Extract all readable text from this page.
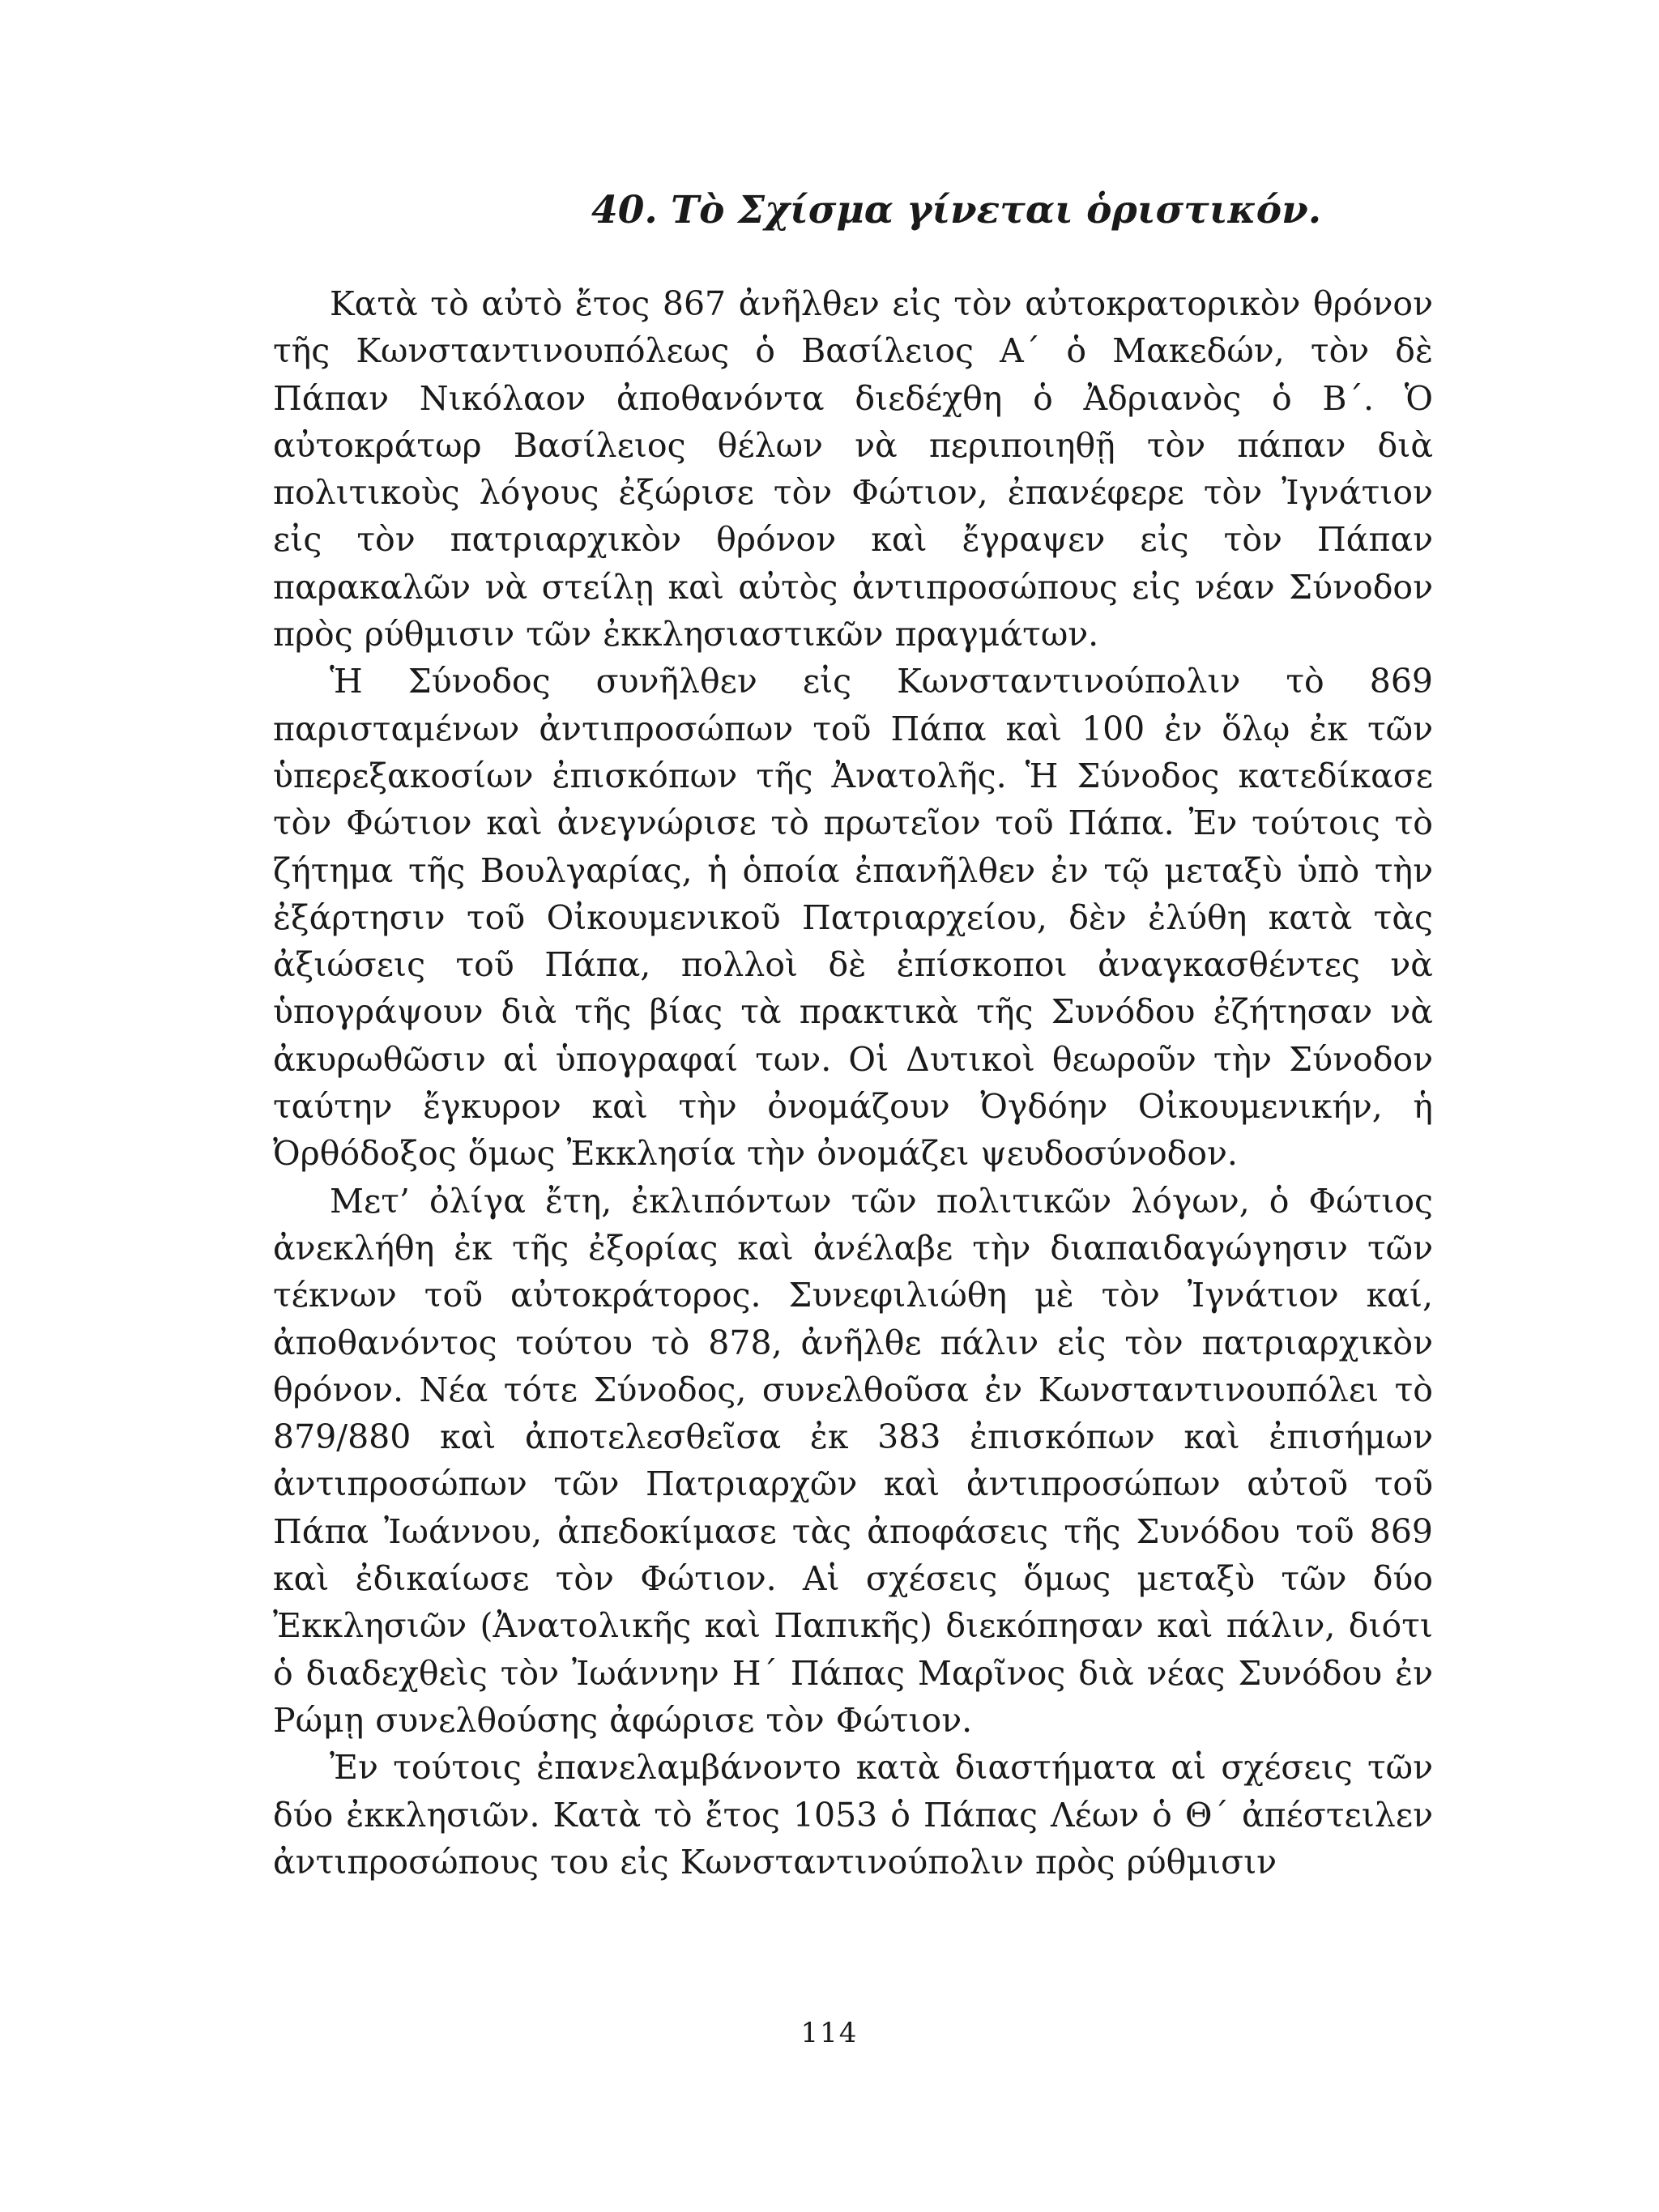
40. Τὸ Σχίσμα γίνεται ὁριστικόν.

Κατὰ τὸ αὐτὸ ἔτος 867 ἀνῆλθεν εἰς τὸν αὐτοκρατορικὸν θρόνον τῆς Κωνσταντινουπόλεως ὁ Βασίλειος Α΄ ὁ Μακεδών, τὸν δὲ Πάπαν Νικόλαον ἀποθανόντα διεδέχθη ὁ Ἀδριανὸς ὁ Β΄. Ὁ αὐτοκράτωρ Βασίλειος θέλων νὰ περιποιηθῇ τὸν πάπαν διὰ πολιτικοὺς λόγους ἐξώρισε τὸν Φώτιον, ἐπανέφερε τὸν Ἰγνάτιον εἰς τὸν πατριαρχικὸν θρόνον καὶ ἔγραψεν εἰς τὸν Πάπαν παρακαλῶν νὰ στείλῃ καὶ αὐτὸς ἀντιπροσώπους εἰς νέαν Σύνοδον πρὸς ρύθμισιν τῶν ἐκκλησιαστικῶν πραγμάτων.

Ἡ Σύνοδος συνῆλθεν εἰς Κωνσταντινούπολιν τὸ 869 παρισταμένων ἀντιπροσώπων τοῦ Πάπα καὶ 100 ἐν ὅλῳ ἐκ τῶν ὑπερεξακοσίων ἐπισκόπων τῆς Ἀνατολῆς. Ἡ Σύνοδος κατεδίκασε τὸν Φώτιον καὶ ἀνεγνώρισε τὸ πρωτεῖον τοῦ Πάπα. Ἐν τούτοις τὸ ζήτημα τῆς Βουλγαρίας, ἡ ὁποία ἐπανῆλθεν ἐν τῷ μεταξὺ ὑπὸ τὴν ἐξάρτησιν τοῦ Οἰκουμενικοῦ Πατριαρχείου, δὲν ἐλύθη κατὰ τὰς ἀξιώσεις τοῦ Πάπα, πολλοὶ δὲ ἐπίσκοποι ἀναγκασθέντες νὰ ὑπογράψουν διὰ τῆς βίας τὰ πρακτικὰ τῆς Συνόδου ἐζήτησαν νὰ ἀκυρωθῶσιν αἱ ὑπογραφαί των. Οἱ Δυτικοὶ θεωροῦν τὴν Σύνοδον ταύτην ἔγκυρον καὶ τὴν ὀνομάζουν Ὀγδόην Οἰκουμενικήν, ἡ Ὀρθόδοξος ὅμως Ἐκκλησία τὴν ὀνομάζει ψευδοσύνοδον.

Μετ’ ὀλίγα ἔτη, ἐκλιπόντων τῶν πολιτικῶν λόγων, ὁ Φώτιος ἀνεκλήθη ἐκ τῆς ἐξορίας καὶ ἀνέλαβε τὴν διαπαιδαγώγησιν τῶν τέκνων τοῦ αὐτοκράτορος. Συνεφιλιώθη μὲ τὸν Ἰγνάτιον καί, ἀποθανόντος τούτου τὸ 878, ἀνῆλθε πάλιν εἰς τὸν πατριαρχικὸν θρόνον. Νέα τότε Σύνοδος, συνελθοῦσα ἐν Κωνσταντινουπόλει τὸ 879/880 καὶ ἀποτελεσθεῖσα ἐκ 383 ἐπισκόπων καὶ ἐπισήμων ἀντιπροσώπων τῶν Πατριαρχῶν καὶ ἀντιπροσώπων αὐτοῦ τοῦ Πάπα Ἰωάννου, ἀπεδοκίμασε τὰς ἀποφάσεις τῆς Συνόδου τοῦ 869 καὶ ἐδικαίωσε τὸν Φώτιον. Αἱ σχέσεις ὅμως μεταξὺ τῶν δύο Ἐκκλησιῶν (Ἀνατολικῆς καὶ Παπικῆς) διεκόπησαν καὶ πάλιν, διότι ὁ διαδεχθεὶς τὸν Ἰωάννην Η΄ Πάπας Μαρῖνος διὰ νέας Συνόδου ἐν Ρώμῃ συνελθούσης ἀφώρισε τὸν Φώτιον.

Ἐν τούτοις ἐπανελαμβάνοντο κατὰ διαστήματα αἱ σχέσεις τῶν δύο ἐκκλησιῶν. Κατὰ τὸ ἔτος 1053 ὁ Πάπας Λέων ὁ Θ΄ ἀπέστειλεν ἀντιπροσώπους του εἰς Κωνσταντινούπολιν πρὸς ρύθμισιν

114
